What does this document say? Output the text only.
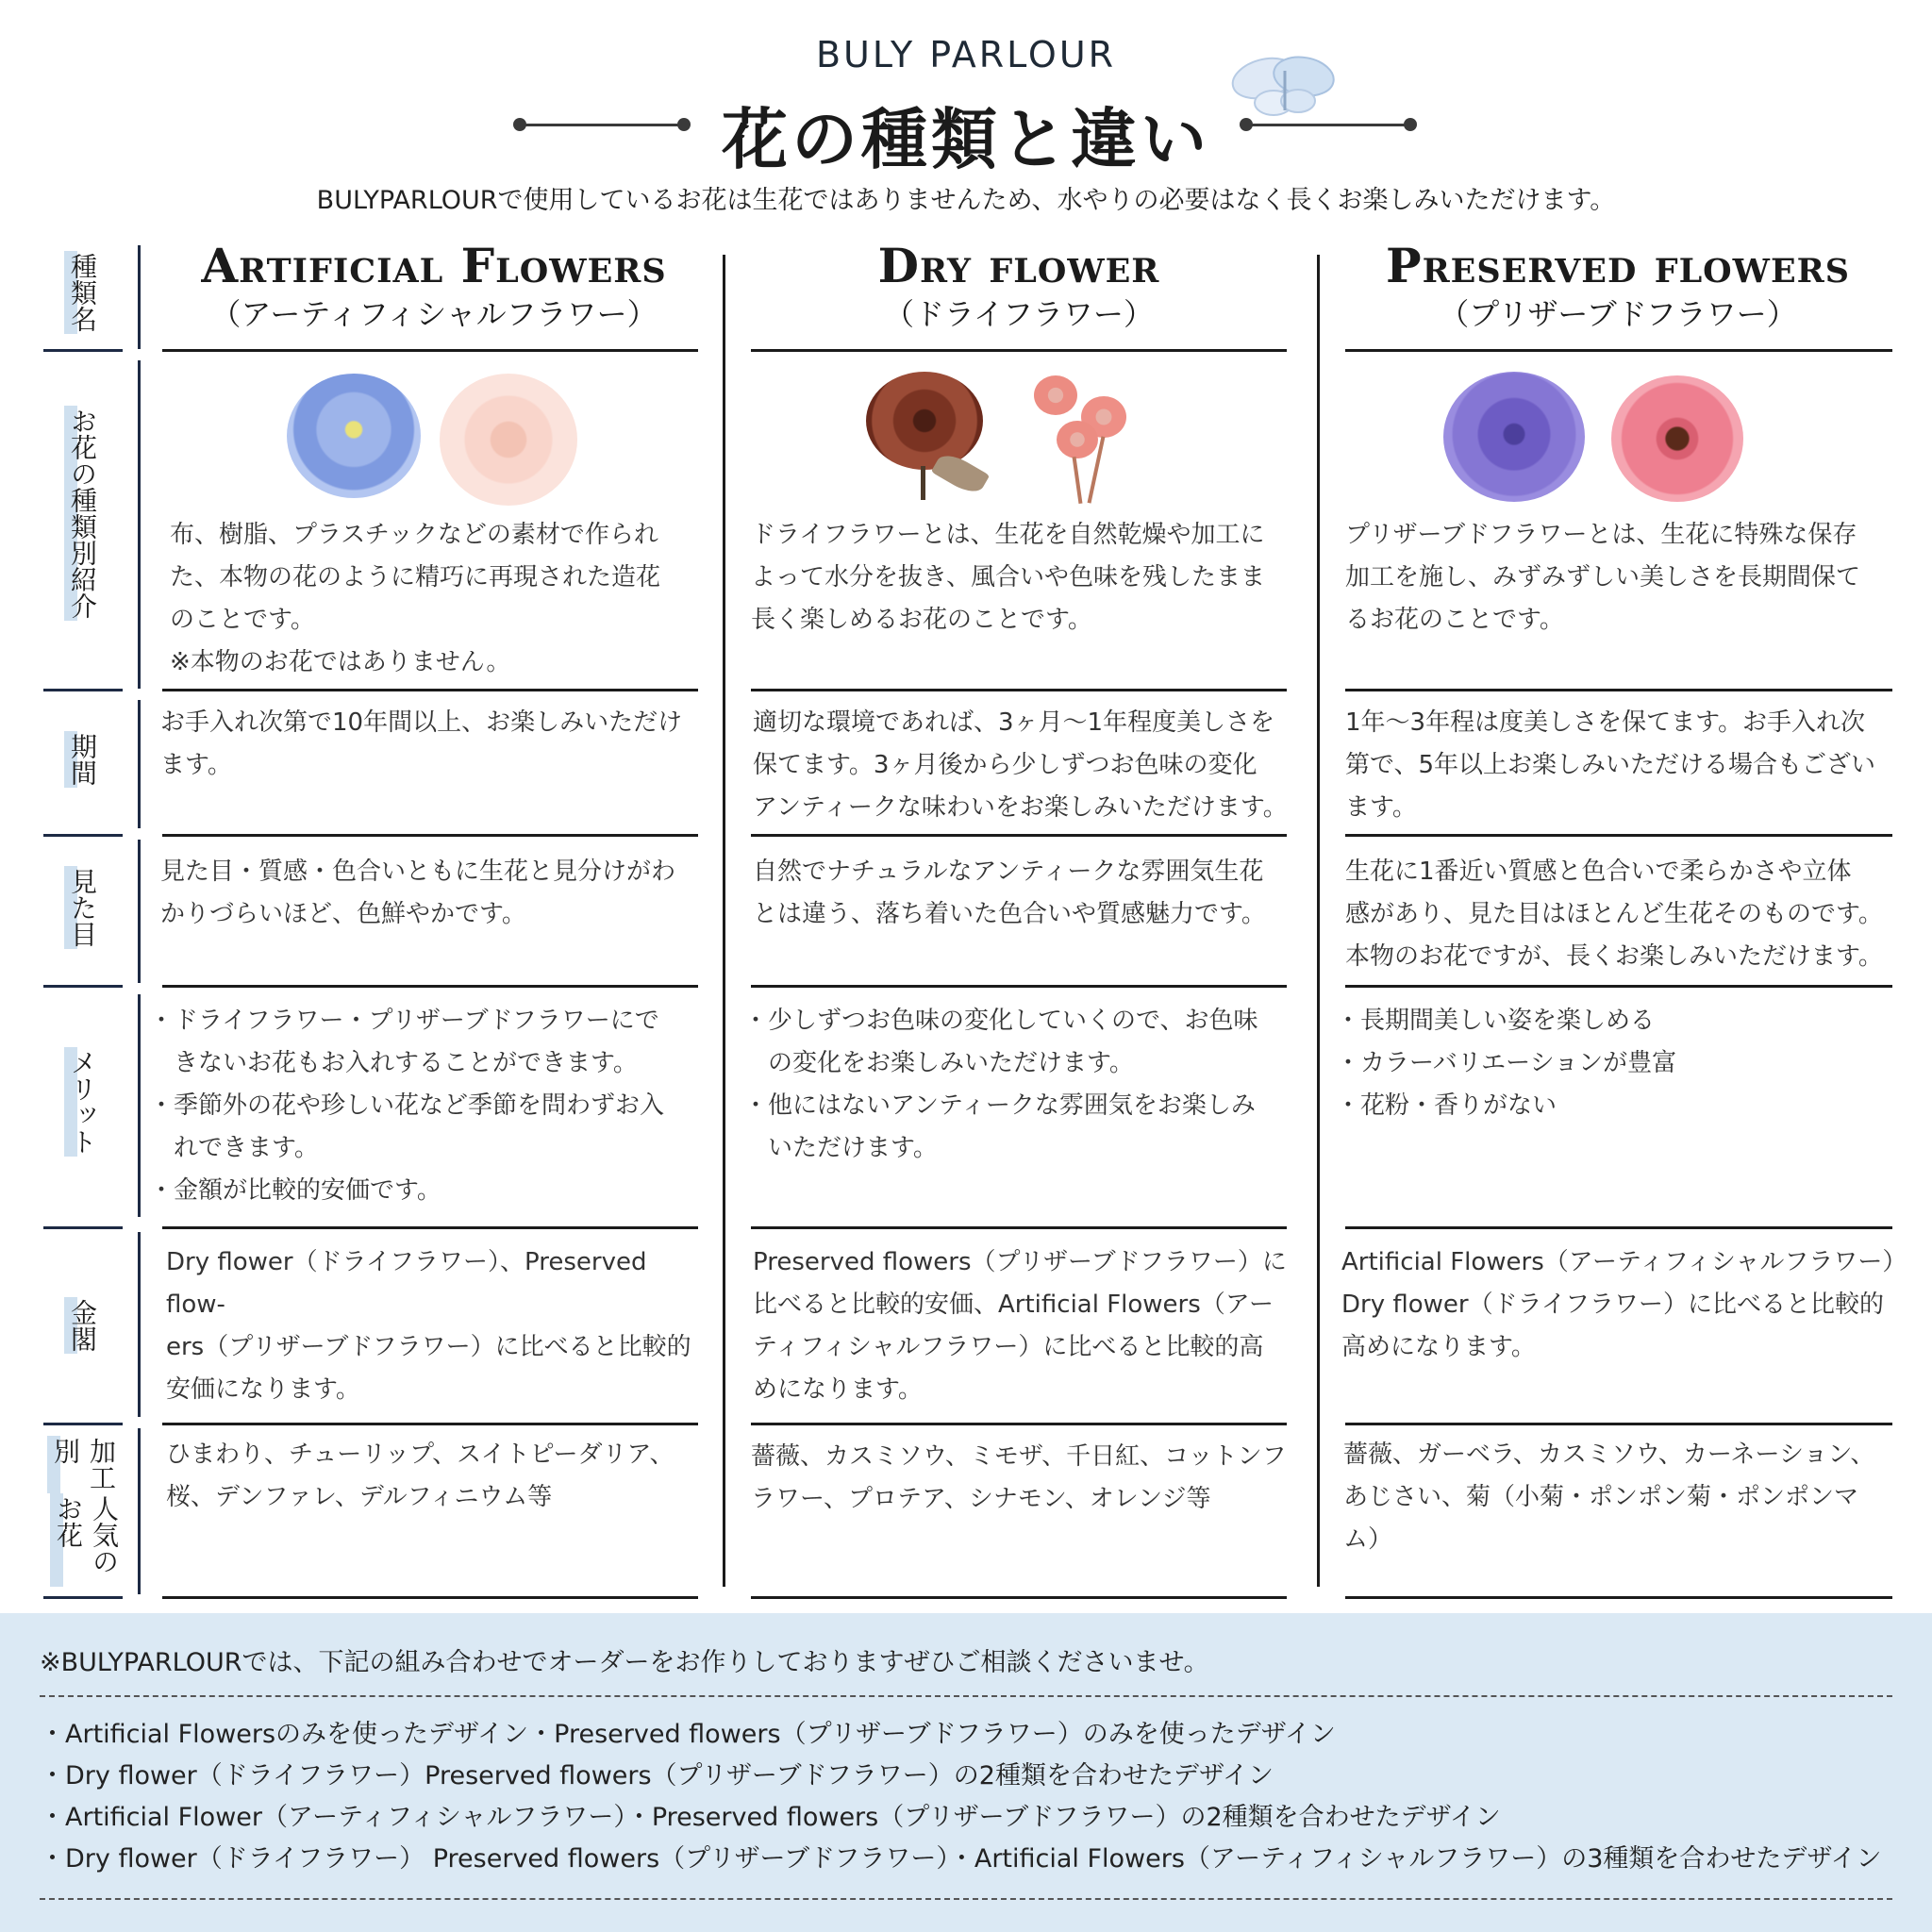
BULY PARLOUR
花の種類と違い
BULYPARLOURで使用しているお花は生花ではありませんため、水やりの必要はなく長くお楽しみいただけます。
種類名
お花の種類別紹介
期間
見た目
メリット
金閣
加工別
人気のお花
Artificial Flowers
（アーティフィシャルフラワー）
Dry flower
（ドライフラワー）
Preserved flowers
（プリザーブドフラワー）

布、樹脂、プラスチックなどの素材で作られ

た、本物の花のように精巧に再現された造花

のことです。

※本物のお花ではありません。

お手入れ次第で10年間以上、お楽しみいただけ

ます。

見た目・質感・色合いともに生花と見分けがわ

かりづらいほど、色鮮やかです。

・ ドライフラワー・プリザーブドフラワーにで

きないお花もお入れすることができます。

・ 季節外の花や珍しい花など季節を問わずお入

れできます。

・ 金額が比較的安価です。

Dry flower（ドライフラワー）、Preserved flow-

ers（プリザーブドフラワー）に比べると比較的

安価になります。

ひまわり、チューリップ、スイトピーダリア、

桜、デンファレ、デルフィニウム等

ドライフラワーとは、生花を自然乾燥や加工に

よって水分を抜き、風合いや色味を残したまま

長く楽しめるお花のことです。

適切な環境であれば、3ヶ月〜1年程度美しさを

保てます。3ヶ月後から少しずつお色味の変化

アンティークな味わいをお楽しみいただけます。

自然でナチュラルなアンティークな雰囲気生花

とは違う、落ち着いた色合いや質感魅力です。

・ 少しずつお色味の変化していくので、お色味

の変化をお楽しみいただけます。

・ 他にはないアンティークな雰囲気をお楽しみ

いただけます。

Preserved flowers（プリザーブドフラワー）に

比べると比較的安価、Artificial Flowers（アー

ティフィシャルフラワー）に比べると比較的高

めになります。

薔薇、カスミソウ、ミモザ、千日紅、コットンフ

ラワー、プロテア、シナモン、オレンジ等

プリザーブドフラワーとは、生花に特殊な保存

加工を施し、みずみずしい美しさを長期間保て

るお花のことです。

1年〜3年程は度美しさを保てます。お手入れ次

第で、5年以上お楽しみいただける場合もござい

ます。

生花に1番近い質感と色合いで柔らかさや立体

感があり、見た目はほとんど生花そのものです。

本物のお花ですが、長くお楽しみいただけます。

・ 長期間美しい姿を楽しめる

・ カラーバリエーションが豊富

・ 花粉・香りがない

Artificial Flowers（アーティフィシャルフラワー）

Dry flower（ドライフラワー）に比べると比較的

高めになります。

薔薇、ガーベラ、カスミソウ、カーネーション、

あじさい、菊（小菊・ポンポン菊・ポンポンマ

ム）

※BULYPARLOURでは、下記の組み合わせでオーダーをお作りしておりますぜひご相談くださいませ。
・Artificial Flowersのみを使ったデザイン・Preserved flowers（プリザーブドフラワー）のみを使ったデザイン
・Dry flower（ドライフラワー）Preserved flowers（プリザーブドフラワー）の2種類を合わせたデザイン
・Artificial Flower（アーティフィシャルフラワー）・Preserved flowers（プリザーブドフラワー）の2種類を合わせたデザイン
・Dry flower（ドライフラワー） Preserved flowers（プリザーブドフラワー）・Artificial Flowers（アーティフィシャルフラワー）の3種類を合わせたデザイン
